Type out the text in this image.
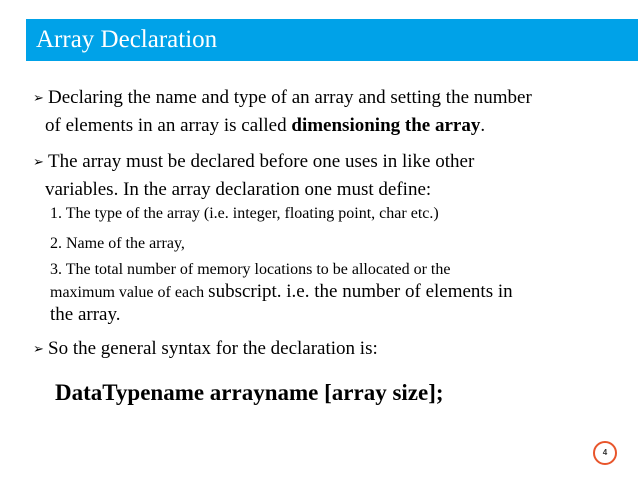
Array Declaration
➢ Declaring the name and type of an array and setting the number
of elements in an array is called dimensioning the array.
➢ The array must be declared before one uses in like other
variables. In the array declaration one must define:
1. The type of the array (i.e. integer, floating point, char etc.)
2. Name of the array,
3. The total number of memory locations to be allocated or the
maximum value of each subscript. i.e. the number of elements in
the array.
➢ So the general syntax for the declaration is:
DataTypename arrayname [array size];
4
